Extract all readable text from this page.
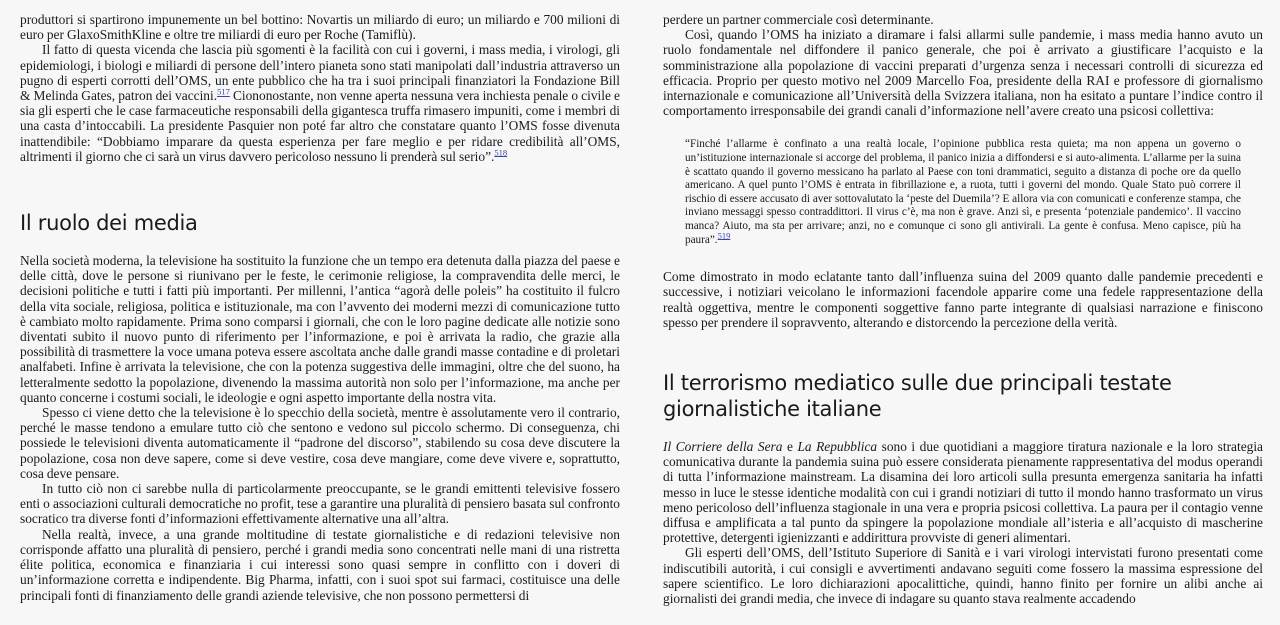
produttori si spartirono impunemente un bel bottino: Novartis un miliardo di euro; un miliardo e 700 milioni di euro per GlaxoSmithKline e oltre tre miliardi di euro per Roche (Tamiflù).

Il fatto di questa vicenda che lascia più sgomenti è la facilità con cui i governi, i mass media, i virologi, gli epidemiologi, i biologi e miliardi di persone dell’intero pianeta sono stati manipolati dall’industria attraverso un pugno di esperti corrotti dell’OMS, un ente pubblico che ha tra i suoi principali finanziatori la Fondazione Bill & Melinda Gates, patron dei vaccini.$^{517}$ Ciononostante, non venne aperta nessuna vera inchiesta penale o civile e sia gli esperti che le case farmaceutiche responsabili della gigantesca truffa rimasero impuniti, come i membri di una casta d’intoccabili. La presidente Pasquier non poté far altro che constatare quanto l’OMS fosse divenuta inattendibile: “Dobbiamo imparare da questa esperienza per fare meglio e per ridare credibilità all’OMS, altrimenti il giorno che ci sarà un virus davvero pericoloso nessuno li prenderà sul serio”.$^{518}$

Il ruolo dei media

Nella società moderna, la televisione ha sostituito la funzione che un tempo era detenuta dalla piazza del paese e delle città, dove le persone si riunivano per le feste, le cerimonie religiose, la compravendita delle merci, le decisioni politiche e tutti i fatti più importanti. Per millenni, l’antica “agorà delle poleis” ha costituito il fulcro della vita sociale, religiosa, politica e istituzionale, ma con l’avvento dei moderni mezzi di comunicazione tutto è cambiato molto rapidamente. Prima sono comparsi i giornali, che con le loro pagine dedicate alle notizie sono diventati subito il nuovo punto di riferimento per l’informazione, e poi è arrivata la radio, che grazie alla possibilità di trasmettere la voce umana poteva essere ascoltata anche dalle grandi masse contadine e di proletari analfabeti. Infine è arrivata la televisione, che con la potenza suggestiva delle immagini, oltre che del suono, ha letteralmente sedotto la popolazione, divenendo la massima autorità non solo per l’informazione, ma anche per quanto concerne i costumi sociali, le ideologie e ogni aspetto importante della nostra vita.

Spesso ci viene detto che la televisione è lo specchio della società, mentre è assolutamente vero il contrario, perché le masse tendono a emulare tutto ciò che sentono e vedono sul piccolo schermo. Di conseguenza, chi possiede le televisioni diventa automaticamente il “padrone del discorso”, stabilendo su cosa deve discutere la popolazione, cosa non deve sapere, come si deve vestire, cosa deve mangiare, come deve vivere e, soprattutto, cosa deve pensare.

In tutto ciò non ci sarebbe nulla di particolarmente preoccupante, se le grandi emittenti televisive fossero enti o associazioni culturali democratiche no profit, tese a garantire una pluralità di pensiero basata sul confronto socratico tra diverse fonti d’informazioni effettivamente alternative una all’altra.

Nella realtà, invece, a una grande moltitudine di testate giornalistiche e di redazioni televisive non corrisponde affatto una pluralità di pensiero, perché i grandi media sono concentrati nelle mani di una ristretta élite politica, economica e finanziaria i cui interessi sono quasi sempre in conflitto con i doveri di un’informazione corretta e indipendente. Big Pharma, infatti, con i suoi spot sui farmaci, costituisce una delle principali fonti di finanziamento delle grandi aziende televisive, che non possono permettersi di

perdere un partner commerciale così determinante.

Così, quando l’OMS ha iniziato a diramare i falsi allarmi sulle pandemie, i mass media hanno avuto un ruolo fondamentale nel diffondere il panico generale, che poi è arrivato a giustificare l’acquisto e la somministrazione alla popolazione di vaccini preparati d’urgenza senza i necessari controlli di sicurezza ed efficacia. Proprio per questo motivo nel 2009 Marcello Foa, presidente della RAI e professore di giornalismo internazionale e comunicazione all’Università della Svizzera italiana, non ha esitato a puntare l’indice contro il comportamento irresponsabile dei grandi canali d’informazione nell’avere creato una psicosi collettiva:

“Finché l’allarme è confinato a una realtà locale, l’opinione pubblica resta quieta; ma non appena un governo o un’istituzione internazionale si accorge del problema, il panico inizia a diffondersi e si auto-alimenta. L’allarme per la suina è scattato quando il governo messicano ha parlato al Paese con toni drammatici, seguito a distanza di poche ore da quello americano. A quel punto l’OMS è entrata in fibrillazione e, a ruota, tutti i governi del mondo. Quale Stato può correre il rischio di essere accusato di aver sottovalutato la ‘peste del Duemila’? E allora via con comunicati e conferenze stampa, che inviano messaggi spesso contraddittori. Il virus c’è, ma non è grave. Anzi sì, e presenta ‘potenziale pandemico’. Il vaccino manca? Aiuto, ma sta per arrivare; anzi, no e comunque ci sono gli antivirali. La gente è confusa. Meno capisce, più ha paura”.$^{519}$

Come dimostrato in modo eclatante tanto dall’influenza suina del 2009 quanto dalle pandemie precedenti e successive, i notiziari veicolano le informazioni facendole apparire come una fedele rappresentazione della realtà oggettiva, mentre le componenti soggettive fanno parte integrante di qualsiasi narrazione e finiscono spesso per prendere il sopravvento, alterando e distorcendo la percezione della verità.

Il terrorismo mediatico sulle due principali testate giornalistiche italiane

Il Corriere della Sera e La Repubblica sono i due quotidiani a maggiore tiratura nazionale e la loro strategia comunicativa durante la pandemia suina può essere considerata pienamente rappresentativa del modus operandi di tutta l’informazione mainstream. La disamina dei loro articoli sulla presunta emergenza sanitaria ha infatti messo in luce le stesse identiche modalità con cui i grandi notiziari di tutto il mondo hanno trasformato un virus meno pericoloso dell’influenza stagionale in una vera e propria psicosi collettiva. La paura per il contagio venne diffusa e amplificata a tal punto da spingere la popolazione mondiale all’isteria e all’acquisto di mascherine protettive, detergenti igienizzanti e addirittura provviste di generi alimentari.

Gli esperti dell’OMS, dell’Istituto Superiore di Sanità e i vari virologi intervistati furono presentati come indiscutibili autorità, i cui consigli e avvertimenti andavano seguiti come fossero la massima espressione del sapere scientifico. Le loro dichiarazioni apocalittiche, quindi, hanno finito per fornire un alibi anche ai giornalisti dei grandi media, che invece di indagare su quanto stava realmente accadendo
